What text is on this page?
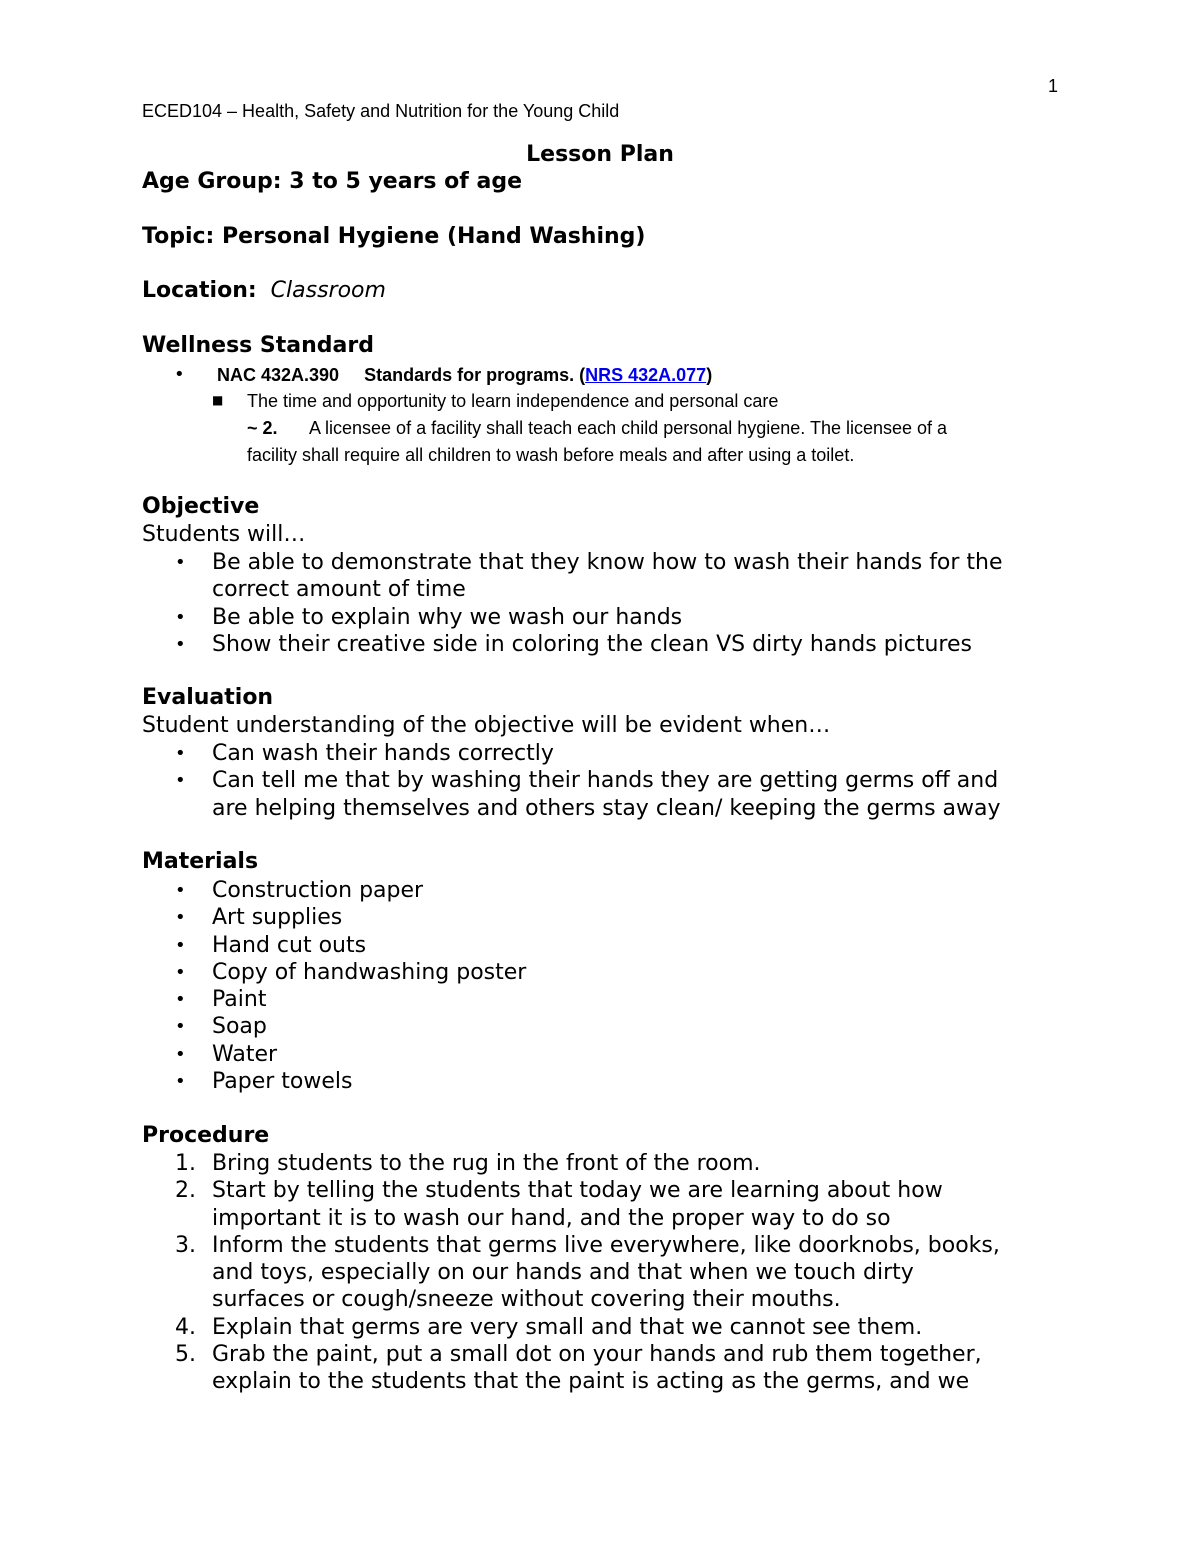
1
ECED104 – Health, Safety and Nutrition for the Young Child
Lesson Plan
Age Group: 3 to 5 years of age
Topic: Personal Hygiene (Hand Washing)
Location: Classroom
Wellness Standard
• NAC 432A.390 Standards for programs. (NRS 432A.077)
■ The time and opportunity to learn independence and personal care
~ 2. A licensee of a facility shall teach each child personal hygiene. The licensee of a
facility shall require all children to wash before meals and after using a toilet.
Objective
Students will…
• Be able to demonstrate that they know how to wash their hands for the
correct amount of time
• Be able to explain why we wash our hands
• Show their creative side in coloring the clean VS dirty hands pictures
Evaluation
Student understanding of the objective will be evident when…
• Can wash their hands correctly
• Can tell me that by washing their hands they are getting germs off and
are helping themselves and others stay clean/ keeping the germs away
Materials
• Construction paper
• Art supplies
• Hand cut outs
• Copy of handwashing poster
• Paint
• Soap
• Water
• Paper towels
Procedure
1. Bring students to the rug in the front of the room.
2. Start by telling the students that today we are learning about how
important it is to wash our hand, and the proper way to do so
3. Inform the students that germs live everywhere, like doorknobs, books,
and toys, especially on our hands and that when we touch dirty
surfaces or cough/sneeze without covering their mouths.
4. Explain that germs are very small and that we cannot see them.
5. Grab the paint, put a small dot on your hands and rub them together,
explain to the students that the paint is acting as the germs, and we
